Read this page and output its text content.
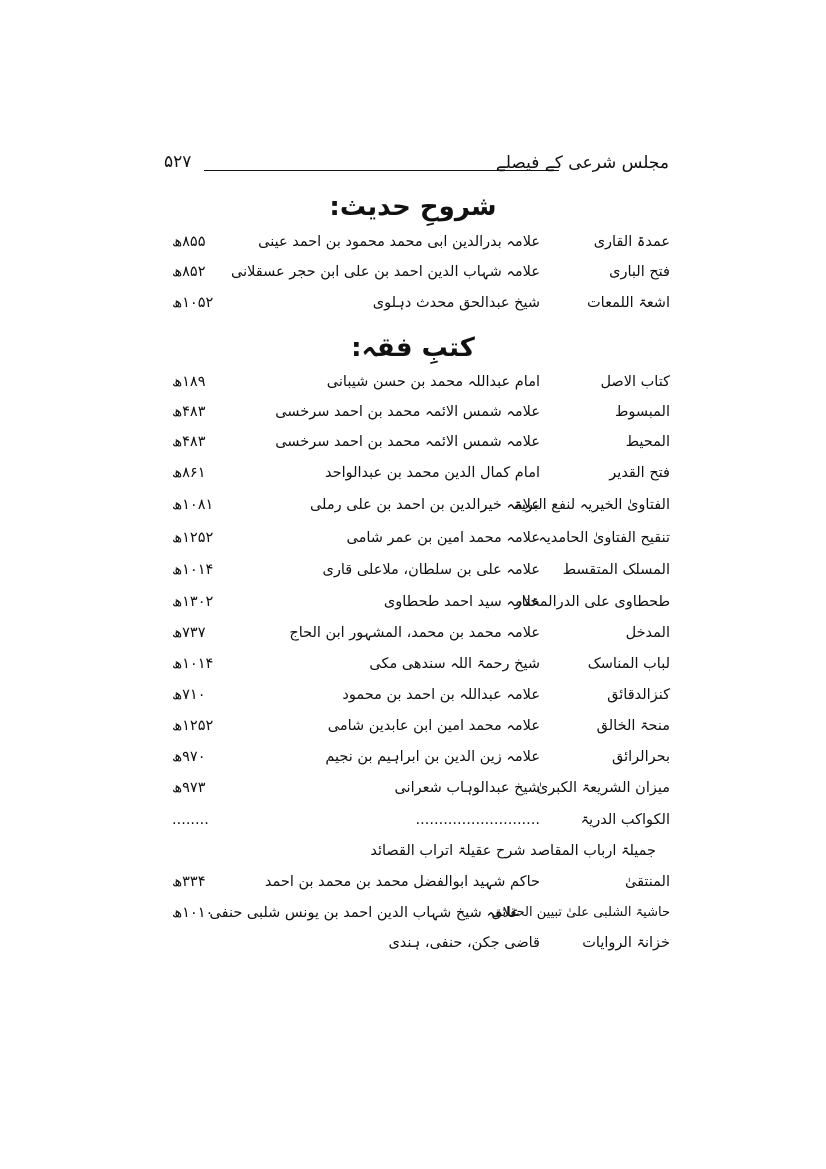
مجلس شرعی کے فیصلے
۵۲۷
شروحِ حدیث:
عمدۃ القاری
علامہ بدرالدین ابی محمد محمود بن احمد عینی
۸۵۵ھ
فتح الباری
علامہ شہاب الدین احمد بن علی ابن حجر عسقلانی
۸۵۲ھ
اشعۃ اللمعات
شیخ عبدالحق محدث دہلوی
۱۰۵۲ھ
کتبِ فقہ:
کتاب الاصل
امام عبداللہ محمد بن حسن شیبانی
۱۸۹ھ
المبسوط
علامہ شمس الائمہ محمد بن احمد سرخسی
۴۸۳ھ
المحیط
علامہ شمس الائمہ محمد بن احمد سرخسی
۴۸۳ھ
فتح القدیر
امام کمال الدین محمد بن عبدالواحد
۸۶۱ھ
الفتاویٰ الخیریہ لنفع البریۃ
علامہ خیرالدین بن احمد بن علی رملی
۱۰۸۱ھ
تنقیح الفتاویٰ الحامدیہ
علامہ محمد امین بن عمر شامی
۱۲۵۲ھ
المسلک المتقسط
علامہ علی بن سلطان، ملاعلی قاری
۱۰۱۴ھ
طحطاوی علی الدرالمختار
علامہ سید احمد طحطاوی
۱۳۰۲ھ
المدخل
علامہ محمد بن محمد، المشہور ابن الحاج
۷۳۷ھ
لباب المناسک
شیخ رحمۃ اللہ سندھی مکی
۱۰۱۴ھ
کنزالدقائق
علامہ عبداللہ بن احمد بن محمود
۷۱۰ھ
منحۃ الخالق
علامہ محمد امین ابن عابدین شامی
۱۲۵۲ھ
بحرالرائق
علامہ زین الدین بن ابراہیم بن نجیم
۹۷۰ھ
میزان الشریعۃ الکبریٰ
شیخ عبدالوہاب شعرانی
۹۷۳ھ
الکواکب الدریۃ
...........................
........
جمیلۃ ارباب المقاصد شرح عقیلۃ اتراب القصائد
المنتقیٰ
حاکم شہید ابوالفضل محمد بن محمد بن احمد
۳۳۴ھ
حاشیۃ الشلبی علیٰ تبیین الحقائق
علامہ شیخ شہاب الدین احمد بن یونس شلبی حنفی
۱۰۱۰ھ
خزانۃ الروایات
قاضی جکن، حنفی، ہندی
